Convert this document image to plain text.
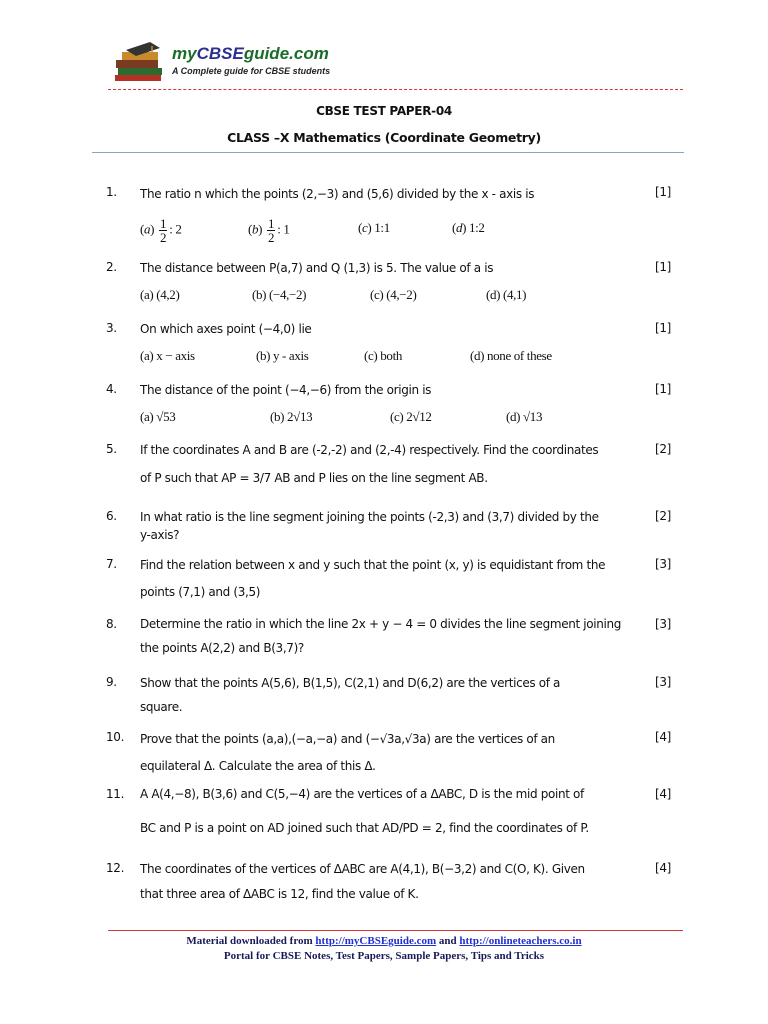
myCBSEguide.com
A Complete guide for CBSE students
CBSE TEST PAPER-04
CLASS –X Mathematics (Coordinate Geometry)
1. The ratio n which the points (2,−3) and (5,6) divided by the x - axis is	[1]
$(a) \frac{1}{2}$ : 2	$(b) \frac{1}{2}$ : 1	(c) 1:1	(d) 1:2
2. The distance between P(a,7) and Q (1,3) is 5. The value of a is	[1]
(a) (4,2)	(b) (−4,−2)	(c) (4,−2)	(d) (4,1)
3. On which axes point (−4,0) lie	[1]
(a) x − axis	(b) y - axis	(c) both	(d) none of these
4. The distance of the point (−4,−6) from the origin is	[1]
(a) √53	(b) 2√13	(c) 2√12	(d) √13
5. If the coordinates A and B are (-2,-2) and (2,-4) respectively. Find the coordinates
of P such that AP = 3/7 AB and P lies on the line segment AB.
[2]
6. In what ratio is the line segment joining the points (-2,3) and (3,7) divided by the
y-axis?
[2]
7. Find the relation between x and y such that the point (x, y) is equidistant from the
points (7,1) and (3,5)
[3]
8. Determine the ratio in which the line 2x + y − 4 = 0 divides the line segment joining
the points A(2,2) and B(3,7)?
[3]
9. Show that the points A(5,6), B(1,5), C(2,1) and D(6,2) are the vertices of a
square.
[3]
10. Prove that the points (a,a),(−a,−a) and (−√3a,√3a) are the vertices of an
equilateral Δ. Calculate the area of this Δ.
[4]
11. A A(4,−8), B(3,6) and C(5,−4) are the vertices of a ΔABC, D is the mid point of
BC and P is a point on AD joined such that AD/PD = 2, find the coordinates of P.
[4]
12. The coordinates of the vertices of ΔABC are A(4,1), B(−3,2) and C(O, K). Given
that three area of ΔABC is 12, find the value of K.
[4]
Material downloaded from http://myCBSEguide.com and http://onlineteachers.co.in
Portal for CBSE Notes, Test Papers, Sample Papers, Tips and Tricks
